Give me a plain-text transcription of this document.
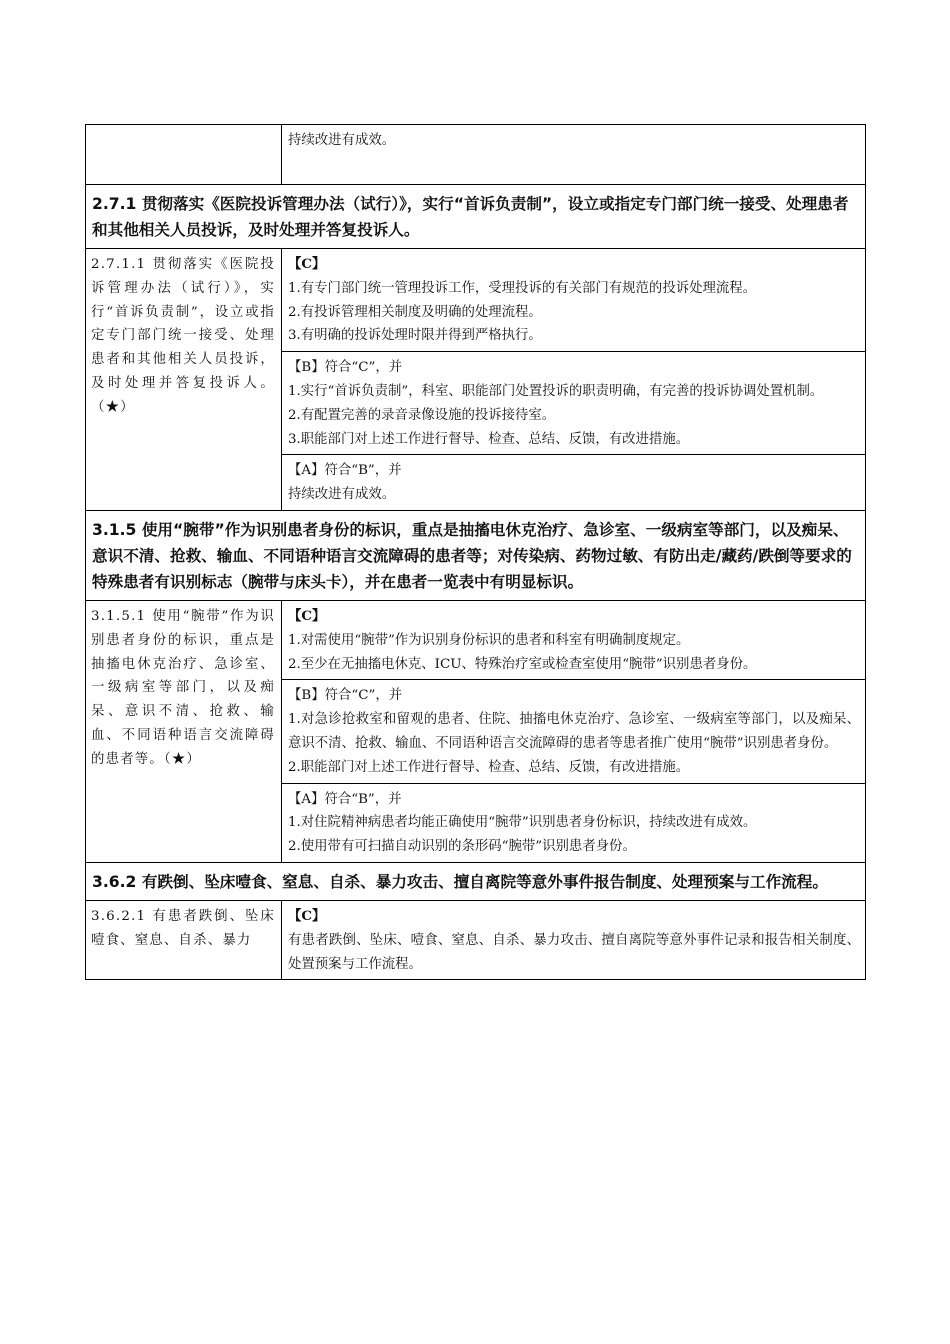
	持续改进有成效。

2.7.1 贯彻落实《医院投诉管理办法（试行）》，实行“首诉负责制”，设立或指定专门部门统一接受、处理患者和其他相关人员投诉，及时处理并答复投诉人。	

2.7.1.1 贯彻落实《医院投诉管理办法（试行）》，实行“首诉负责制”，设立或指定专门部门统一接受、处理患者和其他相关人员投诉，及时处理并答复投诉人。（★）	【C】
1.有专门部门统一管理投诉工作，受理投诉的有关部门有规范的投诉处理流程。
2.有投诉管理相关制度及明确的处理流程。
3.有明确的投诉处理时限并得到严格执行。

	【B】符合“C”，并
1.实行“首诉负责制”，科室、职能部门处置投诉的职责明确，有完善的投诉协调处置机制。
2.有配置完善的录音录像设施的投诉接待室。
3.职能部门对上述工作进行督导、检查、总结、反馈，有改进措施。

	【A】符合“B”，并
持续改进有成效。

3.1.5 使用“腕带”作为识别患者身份的标识，重点是抽搐电休克治疗、急诊室、一级病室等部门，以及痴呆、意识不清、抢救、输血、不同语种语言交流障碍的患者等；对传染病、药物过敏、有防出走/藏药/跌倒等要求的特殊患者有识别标志（腕带与床头卡），并在患者一览表中有明显标识。	

3.1.5.1 使用“腕带”作为识别患者身份的标识，重点是抽搐电休克治疗、急诊室、一级病室等部门，以及痴呆、意识不清、抢救、输血、不同语种语言交流障碍的患者等。（★）	【C】
1.对需使用“腕带”作为识别身份标识的患者和科室有明确制度规定。
2.至少在无抽搐电休克、ICU、特殊治疗室或检查室使用“腕带”识别患者身份。

	【B】符合“C”，并
1.对急诊抢救室和留观的患者、住院、抽搐电休克治疗、急诊室、一级病室等部门，以及痴呆、意识不清、抢救、输血、不同语种语言交流障碍的患者等患者推广使用“腕带”识别患者身份。
2.职能部门对上述工作进行督导、检查、总结、反馈，有改进措施。

	【A】符合“B”，并
1.对住院精神病患者均能正确使用“腕带”识别患者身份标识，持续改进有成效。
2.使用带有可扫描自动识别的条形码“腕带”识别患者身份。

3.6.2 有跌倒、坠床噎食、窒息、自杀、暴力攻击、擅自离院等意外事件报告制度、处理预案与工作流程。	

3.6.2.1 有患者跌倒、坠床噎食、窒息、自杀、暴力	【C】
有患者跌倒、坠床、噎食、窒息、自杀、暴力攻击、擅自离院等意外事件记录和报告相关制度、处置预案与工作流程。
